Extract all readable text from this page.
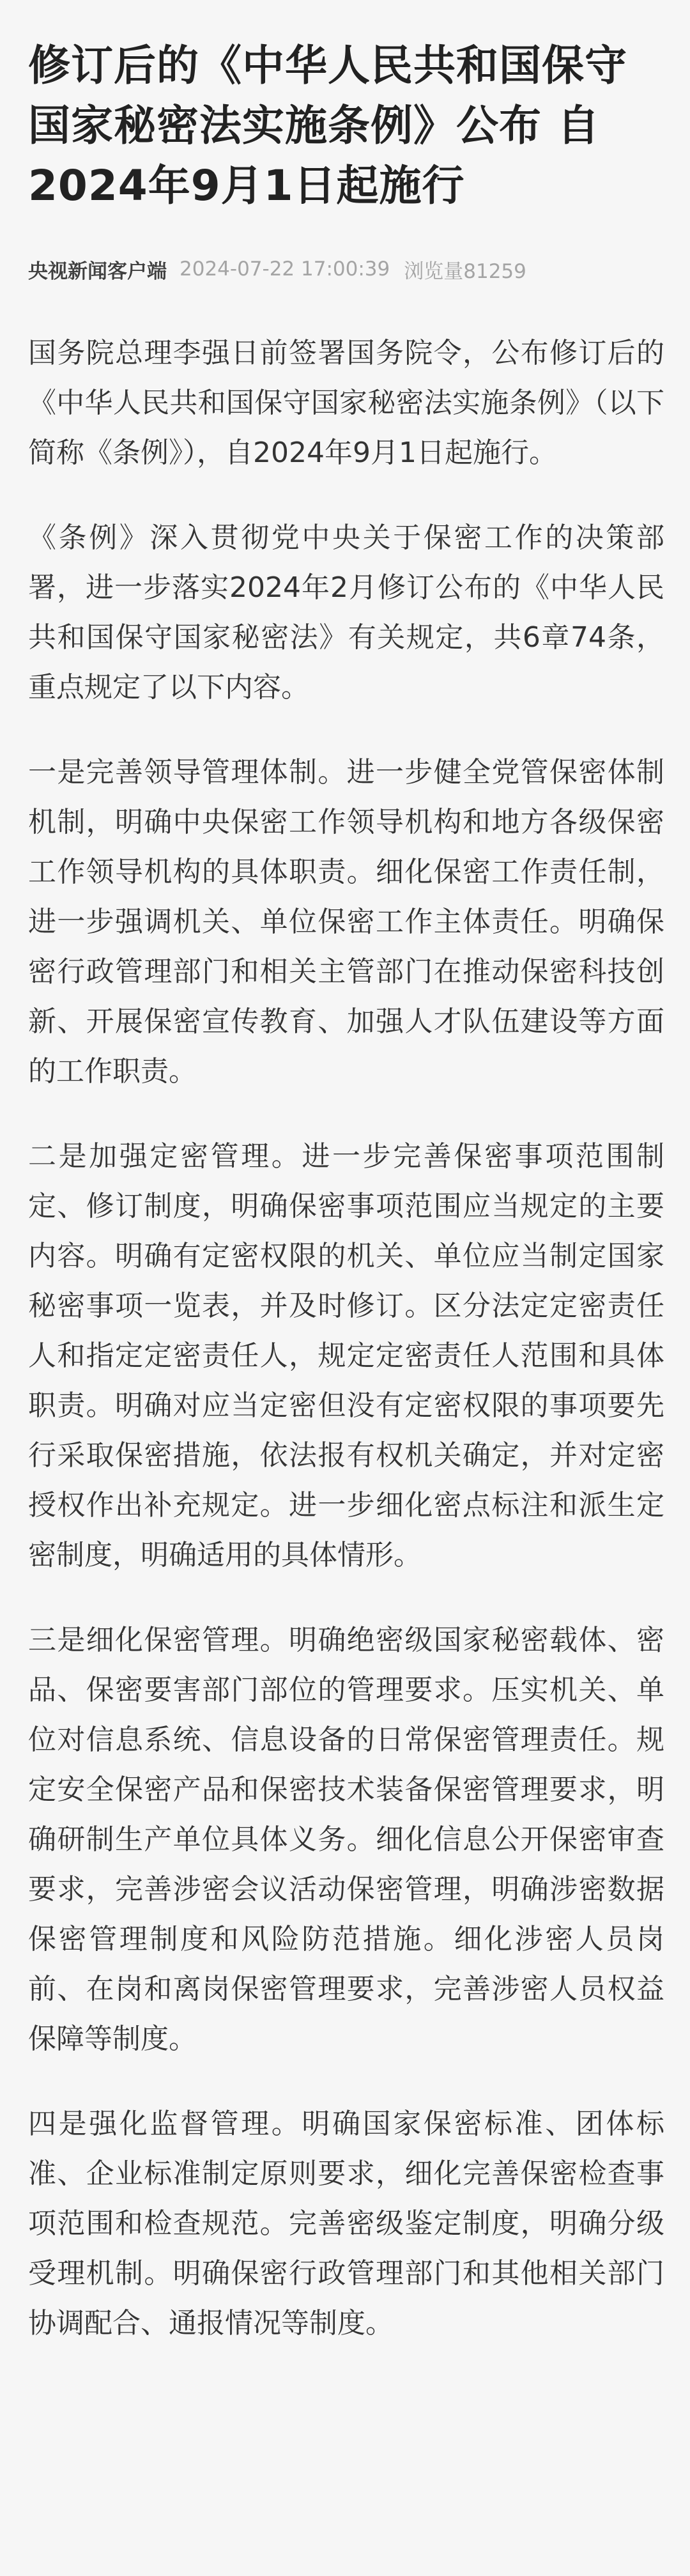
修订后的《中华人民共和国保守国家秘密法实施条例》公布 自2024年9月1日起施行
央视新闻客户端 2024-07-22 17:00:39 浏览量81259

国务院总理李强日前签署国务院令，公布修订后的《中华人民共和国保守国家秘密法实施条例》（以下简称《条例》），自2024年9月1日起施行。

《条例》深入贯彻党中央关于保密工作的决策部署，进一步落实2024年2月修订公布的《中华人民共和国保守国家秘密法》有关规定，共6章74条，重点规定了以下内容。

一是完善领导管理体制。进一步健全党管保密体制机制，明确中央保密工作领导机构和地方各级保密工作领导机构的具体职责。细化保密工作责任制，进一步强调机关、单位保密工作主体责任。明确保密行政管理部门和相关主管部门在推动保密科技创新、开展保密宣传教育、加强人才队伍建设等方面的工作职责。

二是加强定密管理。进一步完善保密事项范围制定、修订制度，明确保密事项范围应当规定的主要内容。明确有定密权限的机关、单位应当制定国家秘密事项一览表，并及时修订。区分法定定密责任人和指定定密责任人，规定定密责任人范围和具体职责。明确对应当定密但没有定密权限的事项要先行采取保密措施，依法报有权机关确定，并对定密授权作出补充规定。进一步细化密点标注和派生定密制度，明确适用的具体情形。

三是细化保密管理。明确绝密级国家秘密载体、密品、保密要害部门部位的管理要求。压实机关、单位对信息系统、信息设备的日常保密管理责任。规定安全保密产品和保密技术装备保密管理要求，明确研制生产单位具体义务。细化信息公开保密审查要求，完善涉密会议活动保密管理，明确涉密数据保密管理制度和风险防范措施。细化涉密人员岗前、在岗和离岗保密管理要求，完善涉密人员权益保障等制度。

四是强化监督管理。明确国家保密标准、团体标准、企业标准制定原则要求，细化完善保密检查事项范围和检查规范。完善密级鉴定制度，明确分级受理机制。明确保密行政管理部门和其他相关部门协调配合、通报情况等制度。
